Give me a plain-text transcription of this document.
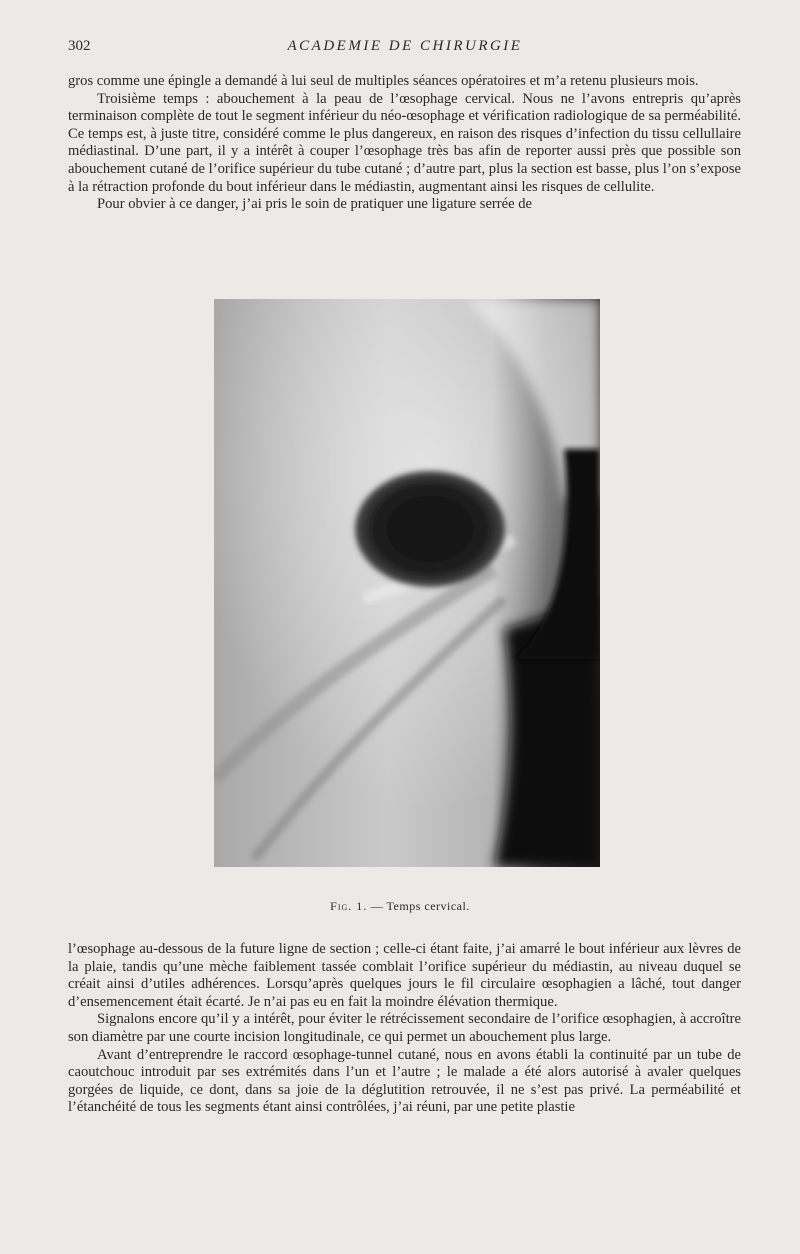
302	ACADEMIE DE CHIRURGIE

gros comme une épingle a demandé à lui seul de multiples séances opératoires et m’a retenu plusieurs mois.

Troisième temps : abouchement à la peau de l’œsophage cervical. Nous ne l’avons entrepris qu’après terminaison complète de tout le segment inférieur du néo-œsophage et vérification radiologique de sa perméabilité. Ce temps est, à juste titre, considéré comme le plus dangereux, en raison des risques d’infection du tissu cellullaire médiastinal. D’une part, il y a intérêt à couper l’œsophage très bas afin de reporter aussi près que possible son abouchement cutané de l’orifice supérieur du tube cutané ; d’autre part, plus la section est basse, plus l’on s’expose à la rétraction profonde du bout inférieur dans le médiastin, augmentant ainsi les risques de cellulite.

Pour obvier à ce danger, j’ai pris le soin de pratiquer une ligature serrée de

Fig. 1. — Temps cervical.

l’œsophage au-dessous de la future ligne de section ; celle-ci étant faite, j’ai amarré le bout inférieur aux lèvres de la plaie, tandis qu’une mèche faiblement tassée comblait l’orifice supérieur du médiastin, au niveau duquel se créait ainsi d’utiles adhérences. Lorsqu’après quelques jours le fil circulaire œsophagien a lâché, tout danger d’ensemencement était écarté. Je n’ai pas eu en fait la moindre élévation thermique.

Signalons encore qu’il y a intérêt, pour éviter le rétrécissement secondaire de l’orifice œsophagien, à accroître son diamètre par une courte incision longitudinale, ce qui permet un abouchement plus large.

Avant d’entreprendre le raccord œsophage-tunnel cutané, nous en avons établi la continuité par un tube de caoutchouc introduit par ses extrémités dans l’un et l’autre ; le malade a été alors autorisé à avaler quelques gorgées de liquide, ce dont, dans sa joie de la déglutition retrouvée, il ne s’est pas privé. La perméabilité et l’étanchéité de tous les segments étant ainsi contrôlées, j’ai réuni, par une petite plastie
